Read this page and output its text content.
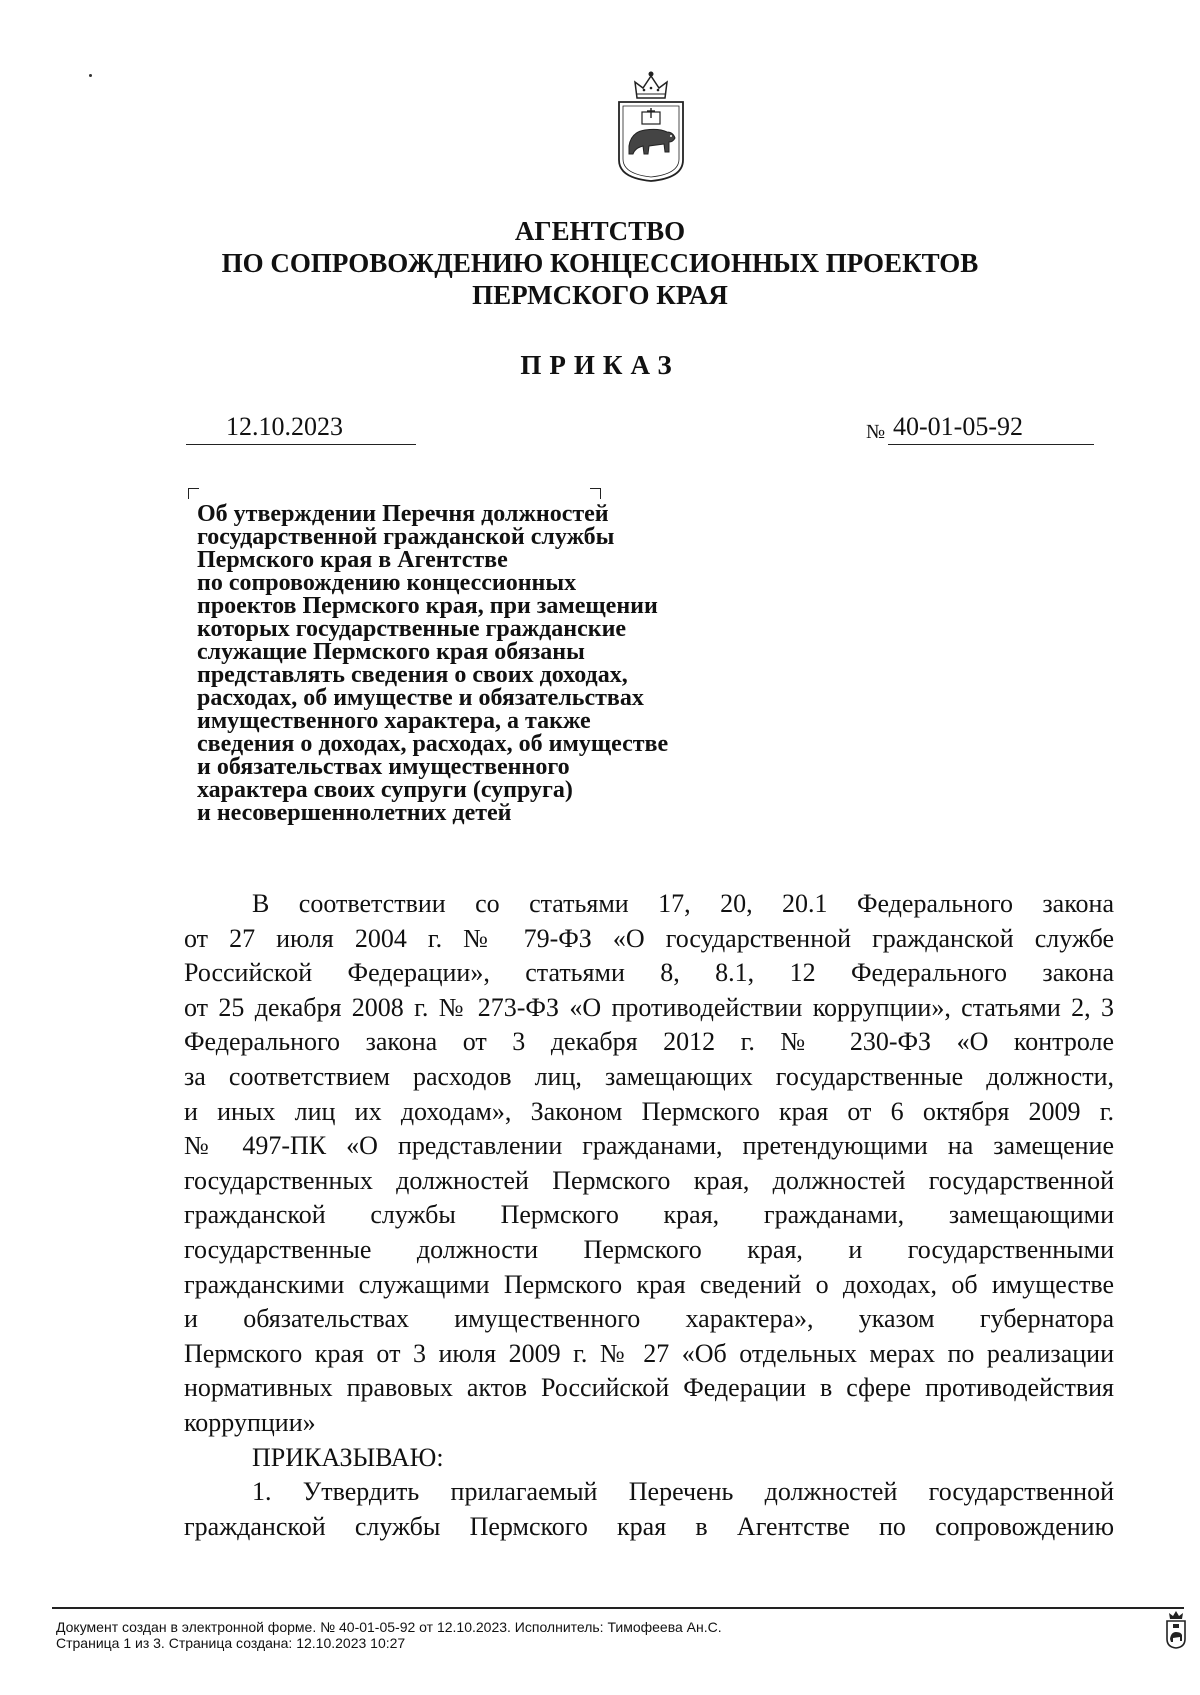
АГЕНТСТВО
ПО СОПРОВОЖДЕНИЮ КОНЦЕССИОННЫХ ПРОЕКТОВ
ПЕРМСКОГО КРАЯ
ПРИКАЗ
12.10.2023	№ 40-01-05-92
Об утверждении Перечня должностей
государственной гражданской службы
Пермского края в Агентстве
по сопровождению концессионных
проектов Пермского края, при замещении
которых государственные гражданские
служащие Пермского края обязаны
представлять сведения о своих доходах,
расходах, об имуществе и обязательствах
имущественного характера, а также
сведения о доходах, расходах, об имуществе
и обязательствах имущественного
характера своих супруги (супруга)
и несовершеннолетних детей
В соответствии со статьями 17, 20, 20.1 Федерального закона
от 27 июля 2004 г. № 79-ФЗ «О государственной гражданской службе
Российской Федерации», статьями 8, 8.1, 12 Федерального закона
от 25 декабря 2008 г. № 273-ФЗ «О противодействии коррупции», статьями 2, 3
Федерального закона от 3 декабря 2012 г. № 230-ФЗ «О контроле
за соответствием расходов лиц, замещающих государственные должности,
и иных лиц их доходам», Законом Пермского края от 6 октября 2009 г.
№ 497-ПК «О представлении гражданами, претендующими на замещение
государственных должностей Пермского края, должностей государственной
гражданской службы Пермского края, гражданами, замещающими
государственные должности Пермского края, и государственными
гражданскими служащими Пермского края сведений о доходах, об имуществе
и обязательствах имущественного характера», указом губернатора
Пермского края от 3 июля 2009 г. № 27 «Об отдельных мерах по реализации
нормативных правовых актов Российской Федерации в сфере противодействия
коррупции»
ПРИКАЗЫВАЮ:
1. Утвердить прилагаемый Перечень должностей государственной
гражданской службы Пермского края в Агентстве по сопровождению
Документ создан в электронной форме. № 40-01-05-92 от 12.10.2023. Исполнитель: Тимофеева Ан.С.
Страница 1 из 3. Страница создана: 12.10.2023 10:27
